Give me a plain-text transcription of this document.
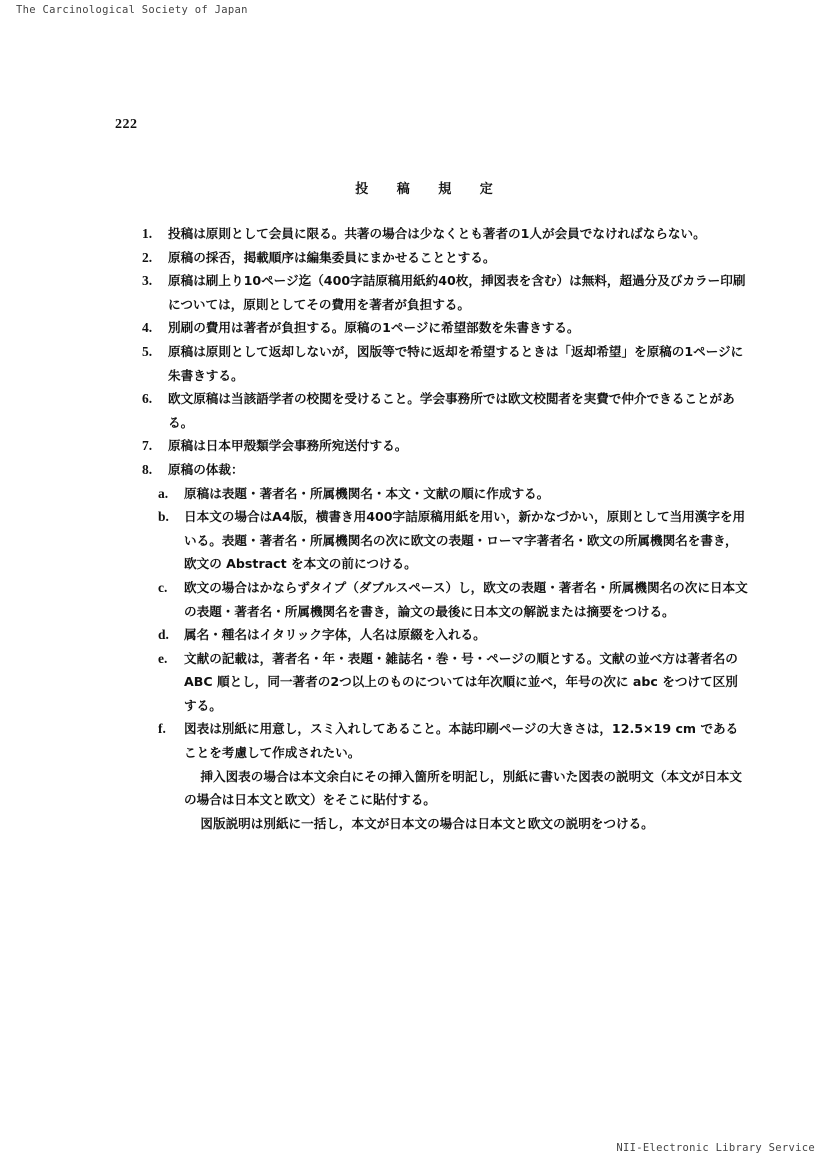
The Carcinological Society of Japan
222
投 稿 規 定

1. 投稿は原則として会員に限る。共著の場合は少なくとも著者の1人が会員でなければならない。

2. 原稿の採否，掲載順序は編集委員にまかせることとする。

3. 原稿は刷上り10ページ迄（400字詰原稿用紙約40枚，挿図表を含む）は無料，超過分及びカラー印刷については，原則としてその費用を著者が負担する。

4. 別刷の費用は著者が負担する。原稿の1ページに希望部数を朱書きする。

5. 原稿は原則として返却しないが，図版等で特に返却を希望するときは「返却希望」を原稿の1ページに朱書きする。

6. 欧文原稿は当該語学者の校閲を受けること。学会事務所では欧文校閲者を実費で仲介できることがある。

7. 原稿は日本甲殻類学会事務所宛送付する。

8. 原稿の体裁：

a. 原稿は表題・著者名・所属機関名・本文・文献の順に作成する。

b. 日本文の場合はA4版，横書き用400字詰原稿用紙を用い，新かなづかい，原則として当用漢字を用いる。表題・著者名・所属機関名の次に欧文の表題・ローマ字著者名・欧文の所属機関名を書き，欧文の Abstract を本文の前につける。

c. 欧文の場合はかならずタイプ（ダブルスペース）し，欧文の表題・著者名・所属機関名の次に日本文の表題・著者名・所属機関名を書き，論文の最後に日本文の解説または摘要をつける。

d. 属名・種名はイタリック字体，人名は原綴を入れる。

e. 文献の記載は，著者名・年・表題・雑誌名・巻・号・ページの順とする。文献の並べ方は著者名の ABC 順とし，同一著者の2つ以上のものについては年次順に並べ，年号の次に abc をつけて区別する。

f. 図表は別紙に用意し，スミ入れしてあること。本誌印刷ページの大きさは，12.5×19 cm であることを考慮して作成されたい。

挿入図表の場合は本文余白にその挿入箇所を明記し，別紙に書いた図表の説明文（本文が日本文の場合は日本文と欧文）をそこに貼付する。

図版説明は別紙に一括し，本文が日本文の場合は日本文と欧文の説明をつける。

NII-Electronic Library Service
